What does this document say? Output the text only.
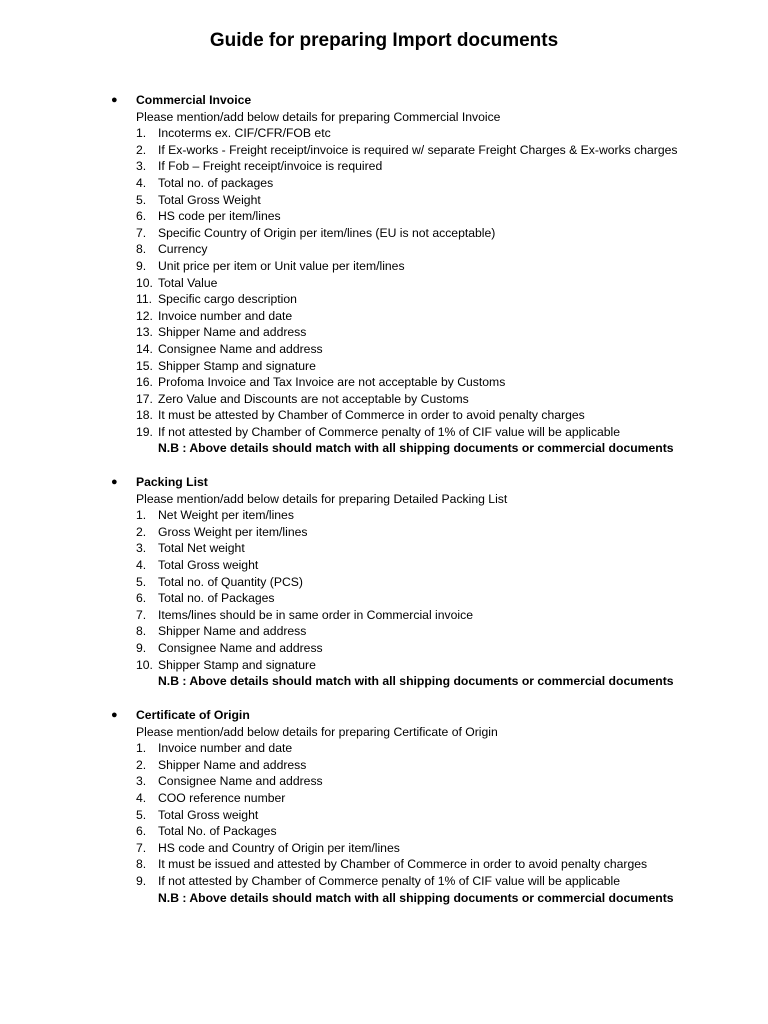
Guide for preparing Import documents
● Commercial Invoice
Please mention/add below details for preparing Commercial Invoice
1. Incoterms ex. CIF/CFR/FOB etc
2. If Ex-works - Freight receipt/invoice is required w/ separate Freight Charges & Ex-works charges
3. If Fob – Freight receipt/invoice is required
4. Total no. of packages
5. Total Gross Weight
6. HS code per item/lines
7. Specific Country of Origin per item/lines (EU is not acceptable)
8. Currency
9. Unit price per item or Unit value per item/lines
10. Total Value
11. Specific cargo description
12. Invoice number and date
13. Shipper Name and address
14. Consignee Name and address
15. Shipper Stamp and signature
16. Profoma Invoice and Tax Invoice are not acceptable by Customs
17. Zero Value and Discounts are not acceptable by Customs
18. It must be attested by Chamber of Commerce in order to avoid penalty charges
19. If not attested by Chamber of Commerce penalty of 1% of CIF value will be applicable
N.B : Above details should match with all shipping documents or commercial documents
● Packing List
Please mention/add below details for preparing Detailed Packing List
1. Net Weight per item/lines
2. Gross Weight per item/lines
3. Total Net weight
4. Total Gross weight
5. Total no. of Quantity (PCS)
6. Total no. of Packages
7. Items/lines should be in same order in Commercial invoice
8. Shipper Name and address
9. Consignee Name and address
10. Shipper Stamp and signature
N.B : Above details should match with all shipping documents or commercial documents
● Certificate of Origin
Please mention/add below details for preparing Certificate of Origin
1. Invoice number and date
2. Shipper Name and address
3. Consignee Name and address
4. COO reference number
5. Total Gross weight
6. Total No. of Packages
7. HS code and Country of Origin per item/lines
8. It must be issued and attested by Chamber of Commerce in order to avoid penalty charges
9. If not attested by Chamber of Commerce penalty of 1% of CIF value will be applicable
N.B : Above details should match with all shipping documents or commercial documents
